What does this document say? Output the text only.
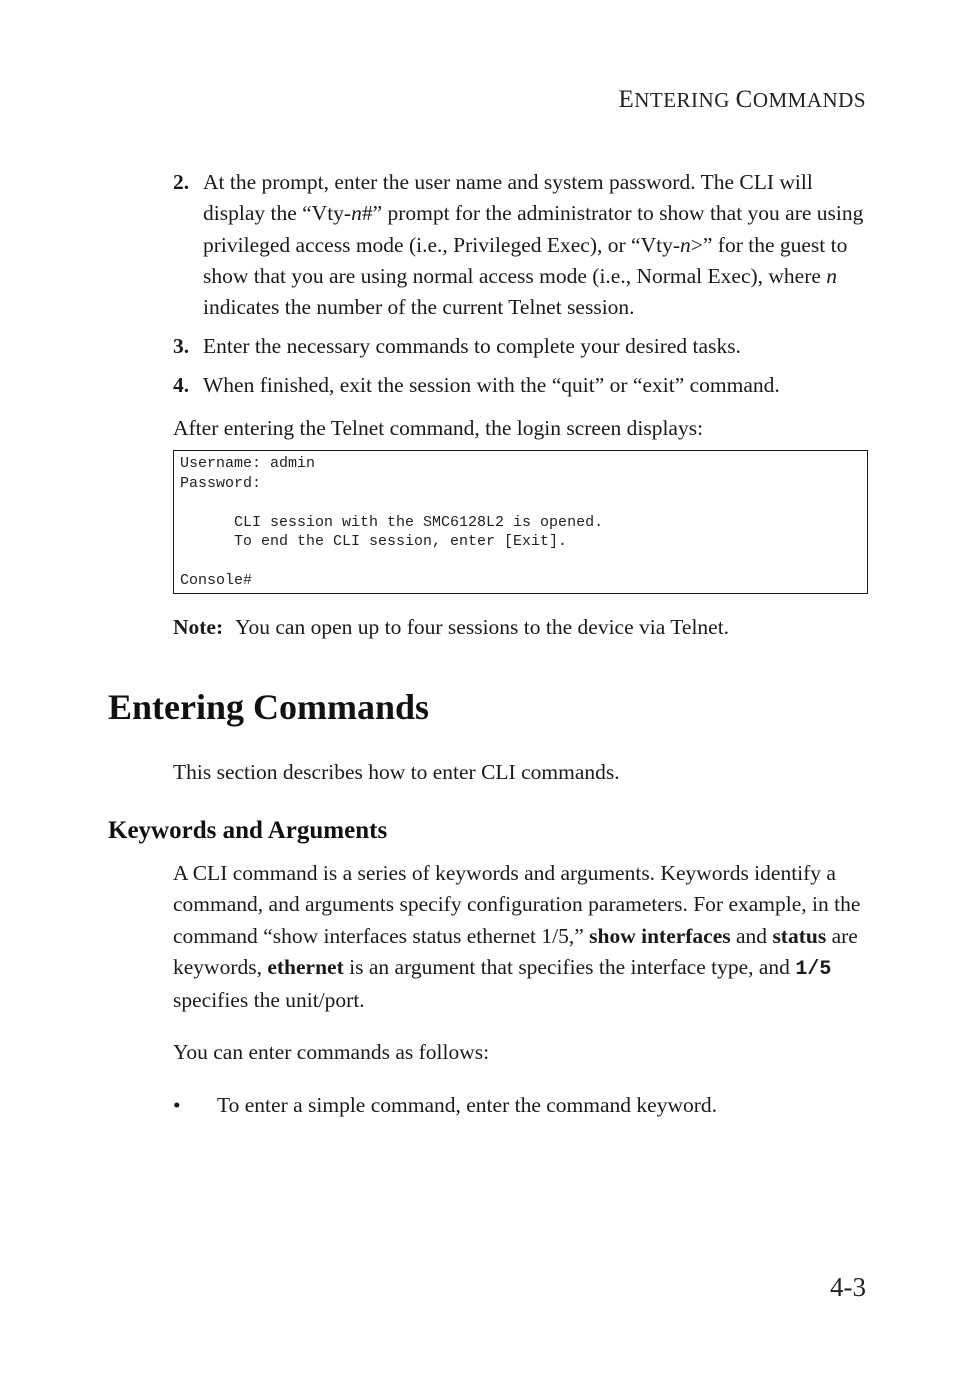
ENTERING COMMANDS
2. At the prompt, enter the user name and system password. The CLI will display the “Vty-n#” prompt for the administrator to show that you are using privileged access mode (i.e., Privileged Exec), or “Vty-n>” for the guest to show that you are using normal access mode (i.e., Normal Exec), where n indicates the number of the current Telnet session.
3. Enter the necessary commands to complete your desired tasks.
4. When finished, exit the session with the “quit” or “exit” command.
After entering the Telnet command, the login screen displays:
Username: admin
Password:

CLI session with the SMC6128L2 is opened.
To end the CLI session, enter [Exit].

Console#
Note: You can open up to four sessions to the device via Telnet.
Entering Commands
This section describes how to enter CLI commands.
Keywords and Arguments
A CLI command is a series of keywords and arguments. Keywords identify a command, and arguments specify configuration parameters. For example, in the command “show interfaces status ethernet 1/5,” show interfaces and status are keywords, ethernet is an argument that specifies the interface type, and 1/5 specifies the unit/port.
You can enter commands as follows:
• To enter a simple command, enter the command keyword.
4-3
